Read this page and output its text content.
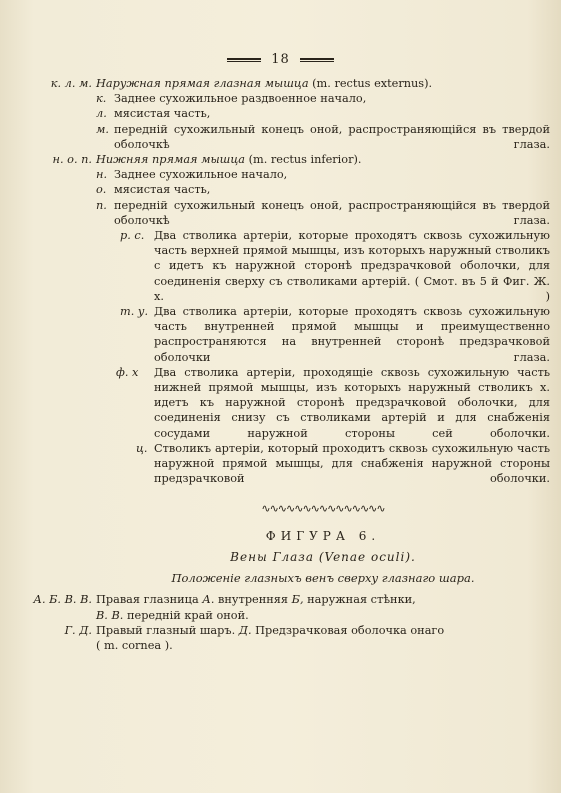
18
к. л. м. Наружная прямая глазная мышца (m. rectus externus).
к. Заднее сухожильное раздвоенное начало,
л. мясистая часть,
м. переднiй сухожильный конецъ оной, распространяющiйся въ твердой оболочкѣ глаза.
н. о. п. Нижняя прямая мышца (m. rectus inferior).
н. Заднее сухожильное начало,
о. мясистая часть,
п. переднiй сухожильный конецъ оной, распространяющiйся въ твердой оболочкѣ глаза.
р. с. Два стволика артерiи, которые проходятъ сквозь сухожильную часть верхней прямой мышцы, изъ которыхъ наружный стволикъ с идетъ къ наружной сторонѣ предзрачковой оболочки, для соединенiя сверху съ стволиками артерiй. ( Смот. въ 5 й Фиг. Ж. х. )
т. у. Два стволика артерiи, которые проходятъ сквозь сухожильную часть внутренней прямой мышцы и преимущественно распространяются на внутренней сторонѣ предзрачковой оболочки глаза.
ф. х	Два стволика артерiи, проходящiе сквозь сухожильную часть нижней прямой мышцы, изъ которыхъ наружный стволикъ х. идетъ къ наружной сторонѣ предзрачковой оболочки, для соединенiя снизу съ стволиками артерiй и для снабженiя сосудами наружной стороны сей оболочки.
ц. Стволикъ артерiи, который проходитъ сквозь сухожильную часть наружной прямой мышцы, для снабженiя наружной стороны предзрачковой оболочки.
∿∿∿∿∿∿∿∿∿∿∿∿∿∿∿
ФИГУРА 6.
Вены Глаза (Venae oculi).
Положенiе глазныхъ венъ сверху глазнаго шара.
А. Б. В. В. Правая глазница А. внутренняя Б, наружная стѣнки,
В. В. переднiй край оной.
Г. Д. Правый глазный шаръ. Д. Предзрачковая оболочка онаго
( m. cornea ).
